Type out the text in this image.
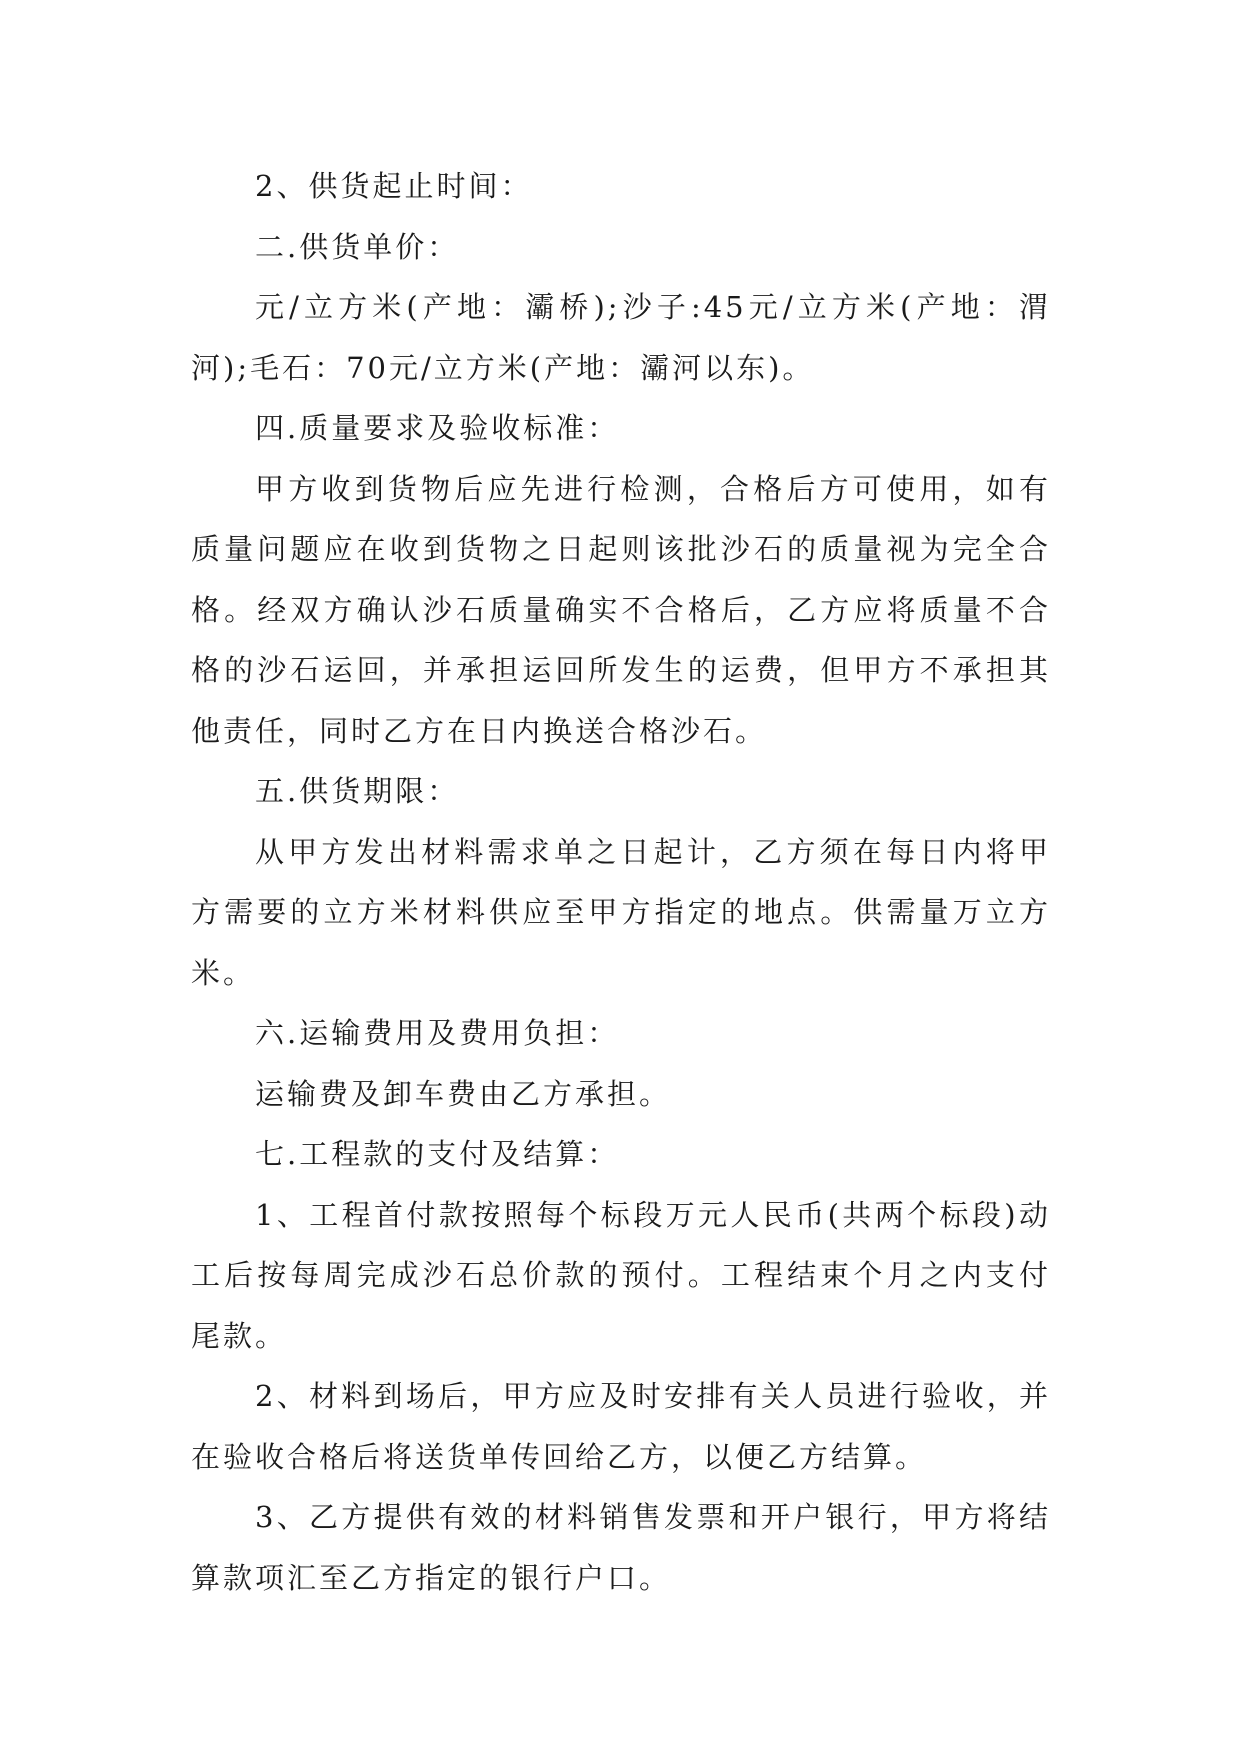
2、供货起止时间：

二.供货单价：

元/立方米(产地：灞桥);沙子:45元/立方米(产地：渭河);毛石：70元/立方米(产地：灞河以东)。

四.质量要求及验收标准：

甲方收到货物后应先进行检测，合格后方可使用，如有质量问题应在收到货物之日起则该批沙石的质量视为完全合格。经双方确认沙石质量确实不合格后，乙方应将质量不合格的沙石运回，并承担运回所发生的运费，但甲方不承担其他责任，同时乙方在日内换送合格沙石。

五.供货期限：

从甲方发出材料需求单之日起计，乙方须在每日内将甲方需要的立方米材料供应至甲方指定的地点。供需量万立方米。

六.运输费用及费用负担：

运输费及卸车费由乙方承担。

七.工程款的支付及结算：

1、工程首付款按照每个标段万元人民币(共两个标段)动工后按每周完成沙石总价款的预付。工程结束个月之内支付尾款。

2、材料到场后，甲方应及时安排有关人员进行验收，并在验收合格后将送货单传回给乙方，以便乙方结算。

3、乙方提供有效的材料销售发票和开户银行，甲方将结算款项汇至乙方指定的银行户口。
